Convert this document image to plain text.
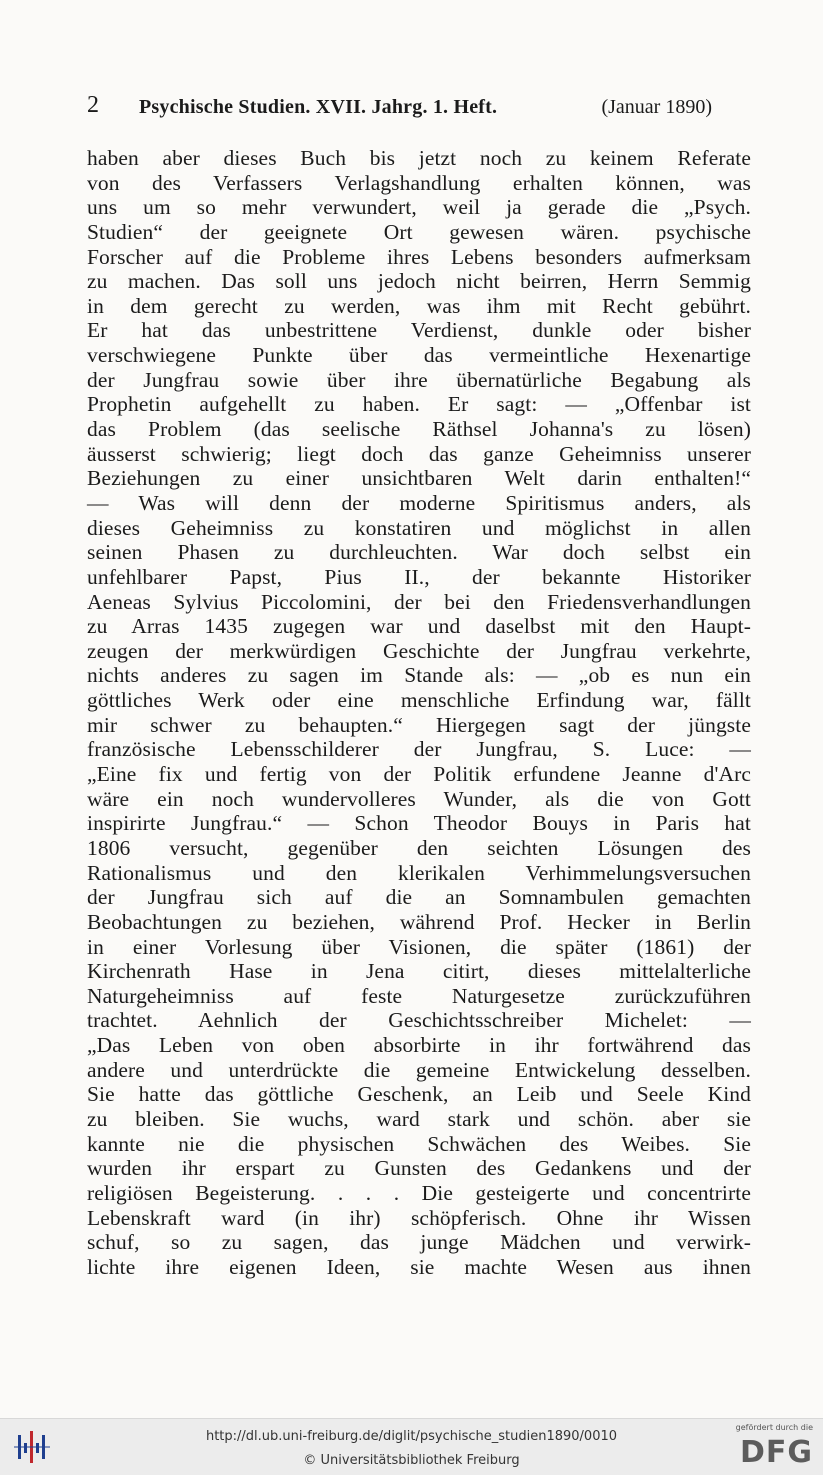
2 Psychische Studien. XVII. Jahrg. 1. Heft.	(Januar 1890)
haben aber dieses Buch bis jetzt noch zu keinem Referate
von des Verfassers Verlagshandlung erhalten können, was
uns um so mehr verwundert, weil ja gerade die „Psych.
Studien“ der geeignete Ort gewesen wären. psychische
Forscher auf die Probleme ihres Lebens besonders aufmerksam
zu machen. Das soll uns jedoch nicht beirren, Herrn Semmig
in dem gerecht zu werden, was ihm mit Recht gebührt.
Er hat das unbestrittene Verdienst, dunkle oder bisher
verschwiegene Punkte über das vermeintliche Hexenartige
der Jungfrau sowie über ihre übernatürliche Begabung als
Prophetin aufgehellt zu haben. Er sagt: — „Offenbar ist
das Problem (das seelische Räthsel Johanna's zu lösen)
äusserst schwierig; liegt doch das ganze Geheimniss unserer
Beziehungen zu einer unsichtbaren Welt darin enthalten!“
— Was will denn der moderne Spiritismus anders, als
dieses Geheimniss zu konstatiren und möglichst in allen
seinen Phasen zu durchleuchten. War doch selbst ein
unfehlbarer Papst, Pius II., der bekannte Historiker
Aeneas Sylvius Piccolomini, der bei den Friedensverhandlungen
zu Arras 1435 zugegen war und daselbst mit den Haupt-
zeugen der merkwürdigen Geschichte der Jungfrau verkehrte,
nichts anderes zu sagen im Stande als: — „ob es nun ein
göttliches Werk oder eine menschliche Erfindung war, fällt
mir schwer zu behaupten.“ Hiergegen sagt der jüngste
französische Lebensschilderer der Jungfrau, S. Luce: —
„Eine fix und fertig von der Politik erfundene Jeanne d'Arc
wäre ein noch wundervolleres Wunder, als die von Gott
inspirirte Jungfrau.“ — Schon Theodor Bouys in Paris hat
1806 versucht, gegenüber den seichten Lösungen des
Rationalismus und den klerikalen Verhimmelungsversuchen
der Jungfrau sich auf die an Somnambulen gemachten
Beobachtungen zu beziehen, während Prof. Hecker in Berlin
in einer Vorlesung über Visionen, die später (1861) der
Kirchenrath Hase in Jena citirt, dieses mittelalterliche
Naturgeheimniss auf feste Naturgesetze zurückzuführen
trachtet. Aehnlich der Geschichtsschreiber Michelet: —
„Das Leben von oben absorbirte in ihr fortwährend das
andere und unterdrückte die gemeine Entwickelung desselben.
Sie hatte das göttliche Geschenk, an Leib und Seele Kind
zu bleiben. Sie wuchs, ward stark und schön. aber sie
kannte nie die physischen Schwächen des Weibes. Sie
wurden ihr erspart zu Gunsten des Gedankens und der
religiösen Begeisterung. . . . Die gesteigerte und concentrirte
Lebenskraft ward (in ihr) schöpferisch. Ohne ihr Wissen
schuf, so zu sagen, das junge Mädchen und verwirk-
lichte ihre eigenen Ideen, sie machte Wesen aus ihnen
http://dl.ub.uni-freiburg.de/diglit/psychische_studien1890/0010
© Universitätsbibliothek Freiburg
gefördert durch die
DFG
